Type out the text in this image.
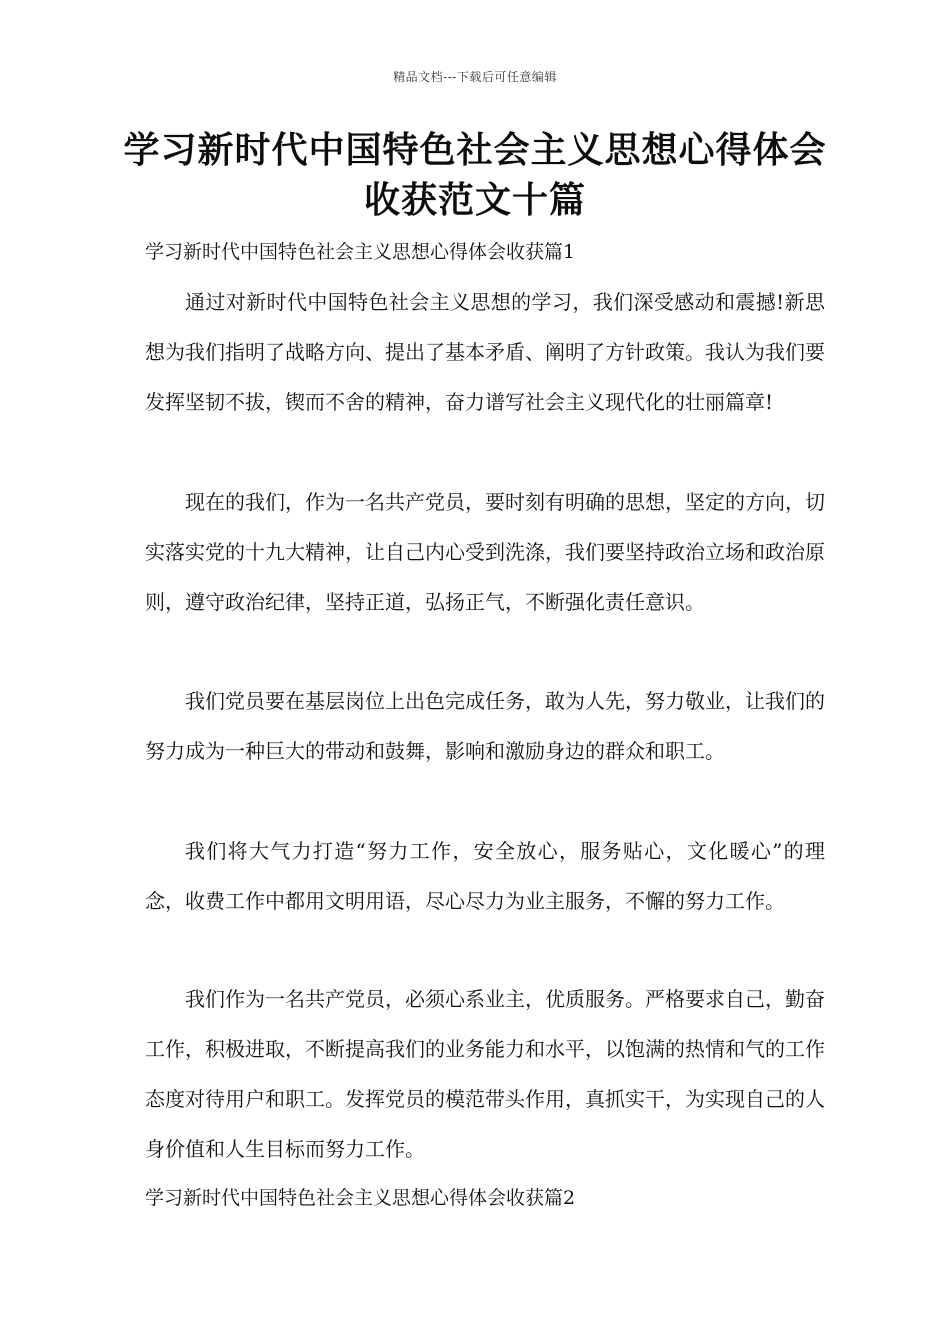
精品文档---下载后可任意编辑
学习新时代中国特色社会主义思想心得体会收获范文十篇
学习新时代中国特色社会主义思想心得体会收获篇1

通过对新时代中国特色社会主义思想的学习，我们深受感动和震撼!新思想为我们指明了战略方向、提出了基本矛盾、阐明了方针政策。我认为我们要发挥坚韧不拔，锲而不舍的精神，奋力谱写社会主义现代化的壮丽篇章!

现在的我们，作为一名共产党员，要时刻有明确的思想，坚定的方向，切实落实党的十九大精神，让自己内心受到洗涤，我们要坚持政治立场和政治原则，遵守政治纪律，坚持正道，弘扬正气，不断强化责任意识。

我们党员要在基层岗位上出色完成任务，敢为人先，努力敬业，让我们的努力成为一种巨大的带动和鼓舞，影响和激励身边的群众和职工。

我们将大气力打造“努力工作，安全放心，服务贴心，文化暖心”的理念，收费工作中都用文明用语，尽心尽力为业主服务，不懈的努力工作。

我们作为一名共产党员，必须心系业主，优质服务。严格要求自己，勤奋工作，积极进取，不断提高我们的业务能力和水平，以饱满的热情和气的工作态度对待用户和职工。发挥党员的模范带头作用，真抓实干，为实现自己的人身价值和人生目标而努力工作。

学习新时代中国特色社会主义思想心得体会收获篇2
